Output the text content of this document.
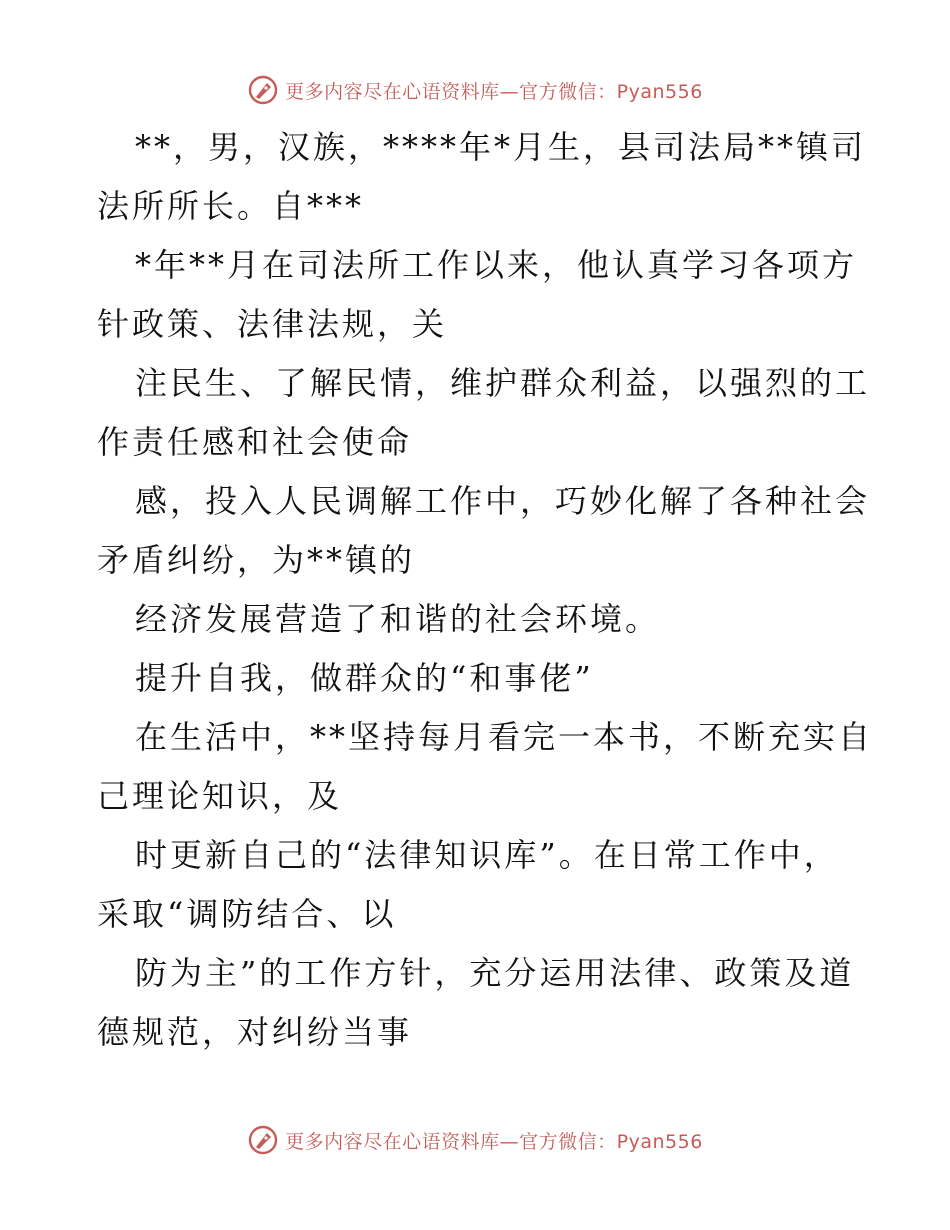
更多内容尽在心语资料库—官方微信：Pyan556

**，男，汉族，****年*月生，县司法局**镇司

法所所长。自***

*年**月在司法所工作以来，他认真学习各项方

针政策、法律法规，关

注民生、了解民情，维护群众利益，以强烈的工

作责任感和社会使命

感，投入人民调解工作中，巧妙化解了各种社会

矛盾纠纷，为**镇的

经济发展营造了和谐的社会环境。

提升自我，做群众的“和事佬”

在生活中，**坚持每月看完一本书，不断充实自

己理论知识，及

时更新自己的“法律知识库”。在日常工作中，

采取“调防结合、以

防为主”的工作方针，充分运用法律、政策及道

德规范，对纠纷当事

更多内容尽在心语资料库—官方微信：Pyan556
